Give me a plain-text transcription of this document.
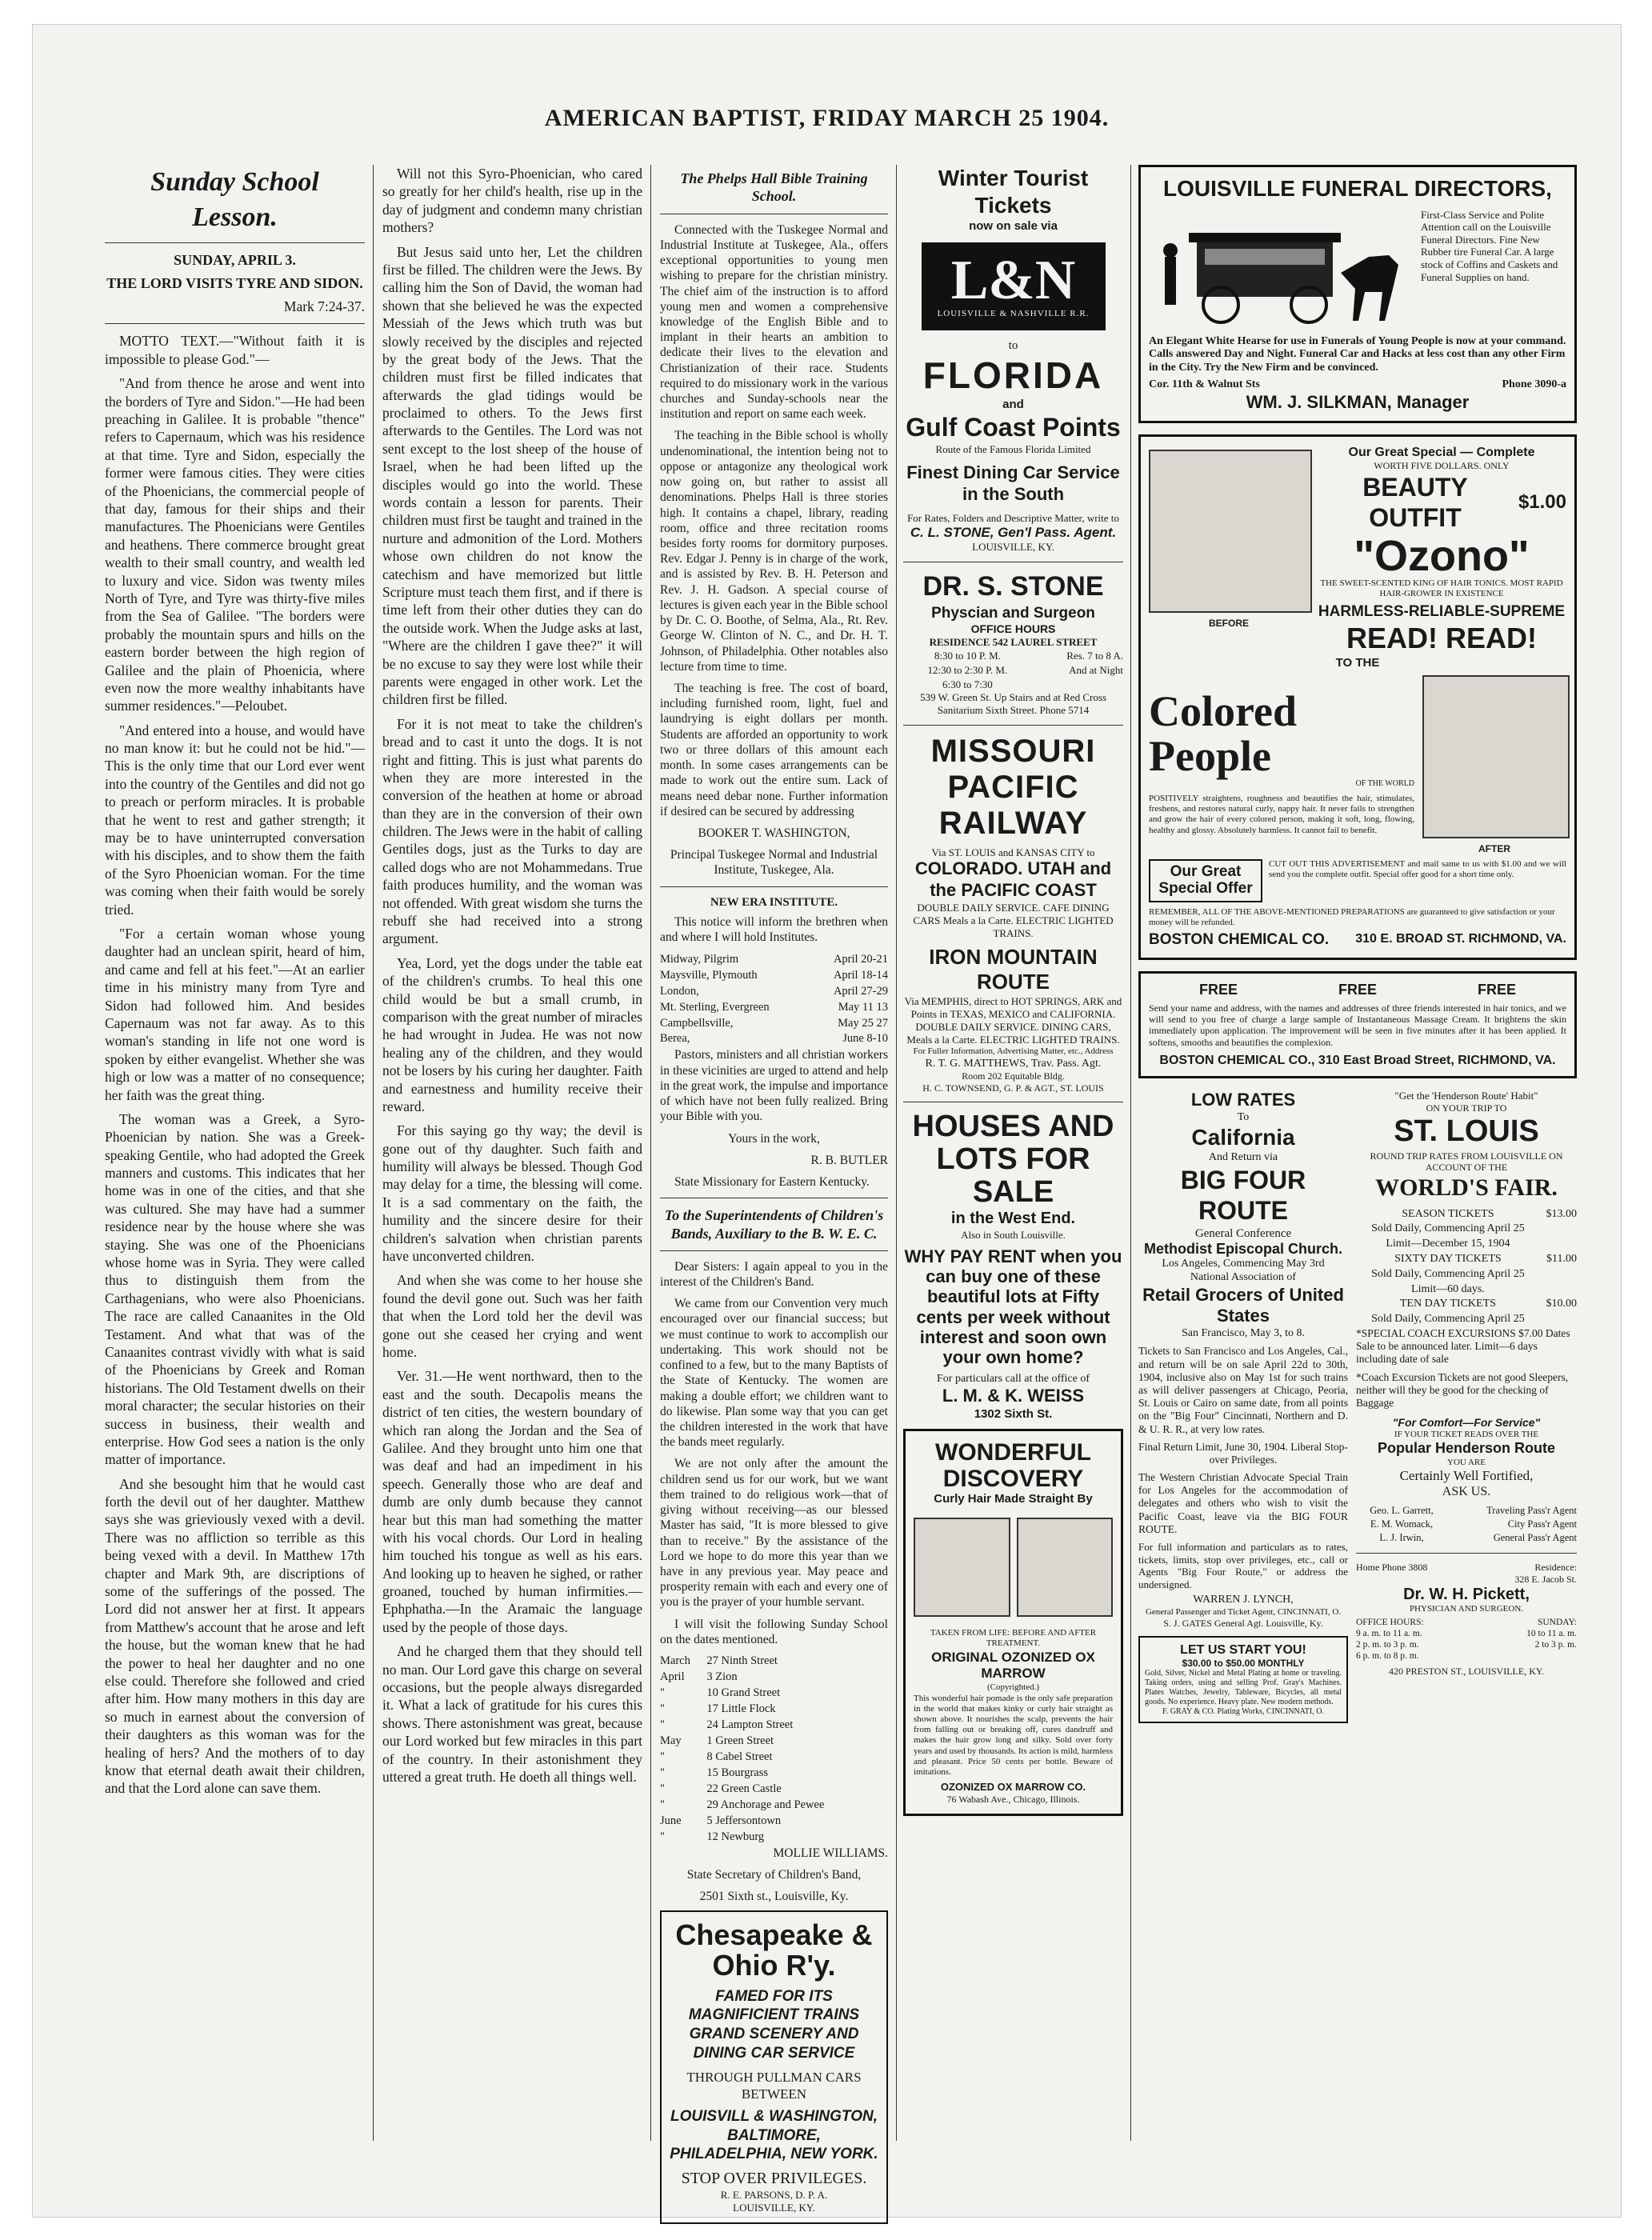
AMERICAN BAPTIST, FRIDAY MARCH 25 1904.
Sunday School Lesson.
SUNDAY, APRIL 3.
THE LORD VISITS TYRE AND SIDON.

Mark 7:24-37.

MOTTO TEXT.—"Without faith it is impossible to please God."—

"And from thence he arose and went into the borders of Tyre and Sidon."—He had been preaching in Galilee. It is probable "thence" refers to Capernaum, which was his residence at that time. Tyre and Sidon, especially the former were famous cities. They were cities of the Phoenicians, the commercial people of that day, famous for their ships and their manufactures. The Phoenicians were Gentiles and heathens. There commerce brought great wealth to their small country, and wealth led to luxury and vice. Sidon was twenty miles North of Tyre, and Tyre was thirty-five miles from the Sea of Galilee. "The borders were probably the mountain spurs and hills on the eastern border between the high region of Galilee and the plain of Phoenicia, where even now the more wealthy inhabitants have summer residences."—Peloubet.

"And entered into a house, and would have no man know it: but he could not be hid."—This is the only time that our Lord ever went into the country of the Gentiles and did not go to preach or perform miracles. It is probable that he went to rest and gather strength; it may be to have uninterrupted conversation with his disciples, and to show them the faith of the Syro Phoenician woman. For the time was coming when their faith would be sorely tried.

"For a certain woman whose young daughter had an unclean spirit, heard of him, and came and fell at his feet."—At an earlier time in his ministry many from Tyre and Sidon had followed him. And besides Capernaum was not far away. As to this woman's standing in life not one word is spoken by either evangelist. Whether she was high or low was a matter of no consequence; her faith was the great thing.

The woman was a Greek, a Syro-Phoenician by nation. She was a Greek-speaking Gentile, who had adopted the Greek manners and customs. This indicates that her home was in one of the cities, and that she was cultured. She may have had a summer residence near by the house where she was staying. She was one of the Phoenicians whose home was in Syria. They were called thus to distinguish them from the Carthagenians, who were also Phoenicians. The race are called Canaanites in the Old Testament. And what that was of the Canaanites contrast vividly with what is said of the Phoenicians by Greek and Roman historians. The Old Testament dwells on their moral character; the secular histories on their success in business, their wealth and enterprise. How God sees a nation is the only matter of importance.

And she besought him that he would cast forth the devil out of her daughter. Matthew says she was grieviously vexed with a devil. There was no affliction so terrible as this being vexed with a devil. In Matthew 17th chapter and Mark 9th, are discriptions of some of the sufferings of the possed. The Lord did not answer her at first. It appears from Matthew's account that he arose and left the house, but the woman knew that he had the power to heal her daughter and no one else could. Therefore she followed and cried after him. How many mothers in this day are so much in earnest about the conversion of their daughters as this woman was for the healing of hers? And the mothers of to day know that eternal death await their children, and that the Lord alone can save them.

Will not this Syro-Phoenician, who cared so greatly for her child's health, rise up in the day of judgment and condemn many christian mothers?

But Jesus said unto her, Let the children first be filled. The children were the Jews. By calling him the Son of David, the woman had shown that she believed he was the expected Messiah of the Jews which truth was but slowly received by the disciples and rejected by the great body of the Jews. That the children must first be filled indicates that afterwards the glad tidings would be proclaimed to others. To the Jews first afterwards to the Gentiles. The Lord was not sent except to the lost sheep of the house of Israel, when he had been lifted up the disciples would go into the world. These words contain a lesson for parents. Their children must first be taught and trained in the nurture and admonition of the Lord. Mothers whose own children do not know the catechism and have memorized but little Scripture must teach them first, and if there is time left from their other duties they can do the outside work. When the Judge asks at last, "Where are the children I gave thee?" it will be no excuse to say they were lost while their parents were engaged in other work. Let the children first be filled.

For it is not meat to take the children's bread and to cast it unto the dogs. It is not right and fitting. This is just what parents do when they are more interested in the conversion of the heathen at home or abroad than they are in the conversion of their own children. The Jews were in the habit of calling Gentiles dogs, just as the Turks to day are called dogs who are not Mohammedans. True faith produces humility, and the woman was not offended. With great wisdom she turns the rebuff she had received into a strong argument.

Yea, Lord, yet the dogs under the table eat of the children's crumbs. To heal this one child would be but a small crumb, in comparison with the great number of miracles he had wrought in Judea. He was not now healing any of the children, and they would not be losers by his curing her daughter. Faith and earnestness and humility receive their reward.

For this saying go thy way; the devil is gone out of thy daughter. Such faith and humility will always be blessed. Though God may delay for a time, the blessing will come. It is a sad commentary on the faith, the humility and the sincere desire for their children's salvation when christian parents have unconverted children.

And when she was come to her house she found the devil gone out. Such was her faith that when the Lord told her the devil was gone out she ceased her crying and went home.

Ver. 31.—He went northward, then to the east and the south. Decapolis means the district of ten cities, the western boundary of which ran along the Jordan and the Sea of Galilee. And they brought unto him one that was deaf and had an impediment in his speech. Generally those who are deaf and dumb are only dumb because they cannot hear but this man had something the matter with his vocal chords. Our Lord in healing him touched his tongue as well as his ears. And looking up to heaven he sighed, or rather groaned, touched by human infirmities.—Ephphatha.—In the Aramaic the language used by the people of those days.

And he charged them that they should tell no man. Our Lord gave this charge on several occasions, but the people always disregarded it. What a lack of gratitude for his cures this shows. There astonishment was great, because our Lord worked but few miracles in this part of the country. In their astonishment they uttered a great truth. He doeth all things well.

The Phelps Hall Bible Training School.

Connected with the Tuskegee Normal and Industrial Institute at Tuskegee, Ala., offers exceptional opportunities to young men wishing to prepare for the christian ministry. The chief aim of the instruction is to afford young men and women a comprehensive knowledge of the English Bible and to implant in their hearts an ambition to dedicate their lives to the elevation and Christianization of their race. Students required to do missionary work in the various churches and Sunday-schools near the institution and report on same each week.

The teaching in the Bible school is wholly undenominational, the intention being not to oppose or antagonize any theological work now going on, but rather to assist all denominations. Phelps Hall is three stories high. It contains a chapel, library, reading room, office and three recitation rooms besides forty rooms for dormitory purposes. Rev. Edgar J. Penny is in charge of the work, and is assisted by Rev. B. H. Peterson and Rev. J. H. Gadson. A special course of lectures is given each year in the Bible school by Dr. C. O. Boothe, of Selma, Ala., Rt. Rev. George W. Clinton of N. C., and Dr. H. T. Johnson, of Philadelphia. Other notables also lecture from time to time.

The teaching is free. The cost of board, including furnished room, light, fuel and laundrying is eight dollars per month. Students are afforded an opportunity to work two or three dollars of this amount each month. In some cases arrangements can be made to work out the entire sum. Lack of means need debar none. Further information if desired can be secured by addressing

BOOKER T. WASHINGTON,

Principal Tuskegee Normal and Industrial Institute, Tuskegee, Ala.

NEW ERA INSTITUTE.

This notice will inform the brethren when and where I will hold Institutes.

Midway, Pilgrim	April 20-21
Maysville, Plymouth	April 18-14
London,	April 27-29
Mt. Sterling, Evergreen	May 11 13
Campbellsville,	May 25 27
Berea,	June 8-10

Pastors, ministers and all christian workers in these vicinities are urged to attend and help in the great work, the impulse and importance of which have not been fully realized. Bring your Bible with you.

Yours in the work,

R. B. BUTLER

State Missionary for Eastern Kentucky.

To the Superintendents of Children's Bands, Auxiliary to the B. W. E. C.

Dear Sisters: I again appeal to you in the interest of the Children's Band.

We came from our Convention very much encouraged over our financial success; but we must continue to work to accomplish our undertaking. This work should not be confined to a few, but to the many Baptists of the State of Kentucky. The women are making a double effort; we children want to do likewise. Plan some way that you can get the children interested in the work that have the bands meet regularly.

We are not only after the amount the children send us for our work, but we want them trained to do religious work—that of giving without receiving—as our blessed Master has said, "It is more blessed to give than to receive." By the assistance of the Lord we hope to do more this year than we have in any previous year. May peace and prosperity remain with each and every one of you is the prayer of your humble servant.

I will visit the following Sunday School on the dates mentioned.

March	27 Ninth Street
April	3 Zion
"	10 Grand Street
"	17 Little Flock
"	24 Lampton Street
May	1 Green Street
"	8 Cabel Street
"	15 Bourgrass
"	22 Green Castle
"	29 Anchorage and Pewee
June	5 Jeffersontown
"	12 Newburg

MOLLIE WILLIAMS.

State Secretary of Children's Band,

2501 Sixth st., Louisville, Ky.

Chesapeake & Ohio R'y.
FAMED FOR ITS MAGNIFICIENT TRAINS GRAND SCENERY AND DINING CAR SERVICE
THROUGH PULLMAN CARS BETWEEN
LOUISVILL & WASHINGTON, BALTIMORE, PHILADELPHIA, NEW YORK.
STOP OVER PRIVILEGES.
R. E. PARSONS, D. P. A.
LOUISVILLE, KY.
Winter Tourist Tickets
now on sale via
L&N
LOUISVILLE & NASHVILLE R.R.
to
FLORIDA
and
Gulf Coast Points
Route of the Famous Florida Limited
Finest Dining Car Service in the South
For Rates, Folders and Descriptive Matter, write to
C. L. STONE, Gen'l Pass. Agent.
LOUISVILLE, KY.
DR. S. STONE
Physcian and Surgeon
OFFICE HOURS
RESIDENCE 542 LAUREL STREET
8:30 to 10 P. M.	Res. 7 to 8 A.
12:30 to 2:30 P. M.	And at Night
6:30 to 7:30	
539 W. Green St. Up Stairs and at Red Cross Sanitarium Sixth Street. Phone 5714
MISSOURI PACIFIC RAILWAY
Via ST. LOUIS and KANSAS CITY to
COLORADO. UTAH and the PACIFIC COAST
DOUBLE DAILY SERVICE. CAFE DINING CARS Meals a la Carte. ELECTRIC LIGHTED TRAINS.
IRON MOUNTAIN ROUTE
Via MEMPHIS, direct to HOT SPRINGS, ARK and Points in TEXAS, MEXICO and CALIFORNIA.
DOUBLE DAILY SERVICE. DINING CARS, Meals a la Carte. ELECTRIC LIGHTED TRAINS.
For Fuller Information, Advertising Matter, etc., Address
R. T. G. MATTHEWS, Trav. Pass. Agt.
Room 202 Equitable Bldg.
H. C. TOWNSEND, G. P. & AGT., ST. LOUIS
HOUSES AND LOTS FOR SALE
in the West End.
Also in South Louisville.
WHY PAY RENT when you can buy one of these beautiful lots at Fifty cents per week without interest and soon own your own home?
For particulars call at the office of
L. M. & K. WEISS
1302 Sixth St.
WONDERFUL DISCOVERY
Curly Hair Made Straight By
TAKEN FROM LIFE: BEFORE AND AFTER TREATMENT.
ORIGINAL OZONIZED OX MARROW
(Copyrighted.)
This wonderful hair pomade is the only safe preparation in the world that makes kinky or curly hair straight as shown above. It nourishes the scalp, prevents the hair from falling out or breaking off, cures dandruff and makes the hair grow long and silky. Sold over forty years and used by thousands. Its action is mild, harmless and pleasant. Price 50 cents per bottle. Beware of imitations.
OZONIZED OX MARROW CO.
76 Wabash Ave., Chicago, Illinois.
LOUISVILLE FUNERAL DIRECTORS,
First-Class Service and Polite Attention call on the Louisville Funeral Directors. Fine New Rubber tire Funeral Car. A large stock of Coffins and Caskets and Funeral Supplies on hand.
An Elegant White Hearse for use in Funerals of Young People is now at your command.
Calls answered Day and Night. Funeral Car and Hacks at less cost than any other Firm in the City. Try the New Firm and be convinced.
Cor. 11th & Walnut Sts	Phone 3090-a
WM. J. SILKMAN, Manager
BEFORE
Our Great Special — Complete
WORTH FIVE DOLLARS. ONLY
BEAUTY OUTFIT
$1.00
"Ozono"
THE SWEET-SCENTED KING OF HAIR TONICS. MOST RAPID HAIR-GROWER IN EXISTENCE
HARMLESS-RELIABLE-SUPREME
READ! READ!
TO THE
Colored People
OF THE WORLD
POSITIVELY straightens, roughness and beautifies the hair, stimulates, freshens, and restores natural curly, nappy hair. It never fails to strengthen and grow the hair of every colored person, making it soft, long, flowing, healthy and glossy. Absolutely harmless. It cannot fail to benefit.
AFTER
Our Great Special Offer
CUT OUT THIS ADVERTISEMENT and mail same to us with $1.00 and we will send you the complete outfit. Special offer good for a short time only.
REMEMBER, ALL OF THE ABOVE-MENTIONED PREPARATIONS are guaranteed to give satisfaction or your money will be refunded.
BOSTON CHEMICAL CO. 310 E. BROAD ST. RICHMOND, VA.
FREE	FREE	FREE
Send your name and address, with the names and addresses of three friends interested in hair tonics, and we will send to you free of charge a large sample of Instantaneous Massage Cream. It brightens the skin immediately upon application. The improvement will be seen in five minutes after it has been applied. It softens, smooths and beautifies the complexion.
BOSTON CHEMICAL CO., 310 East Broad Street, RICHMOND, VA.
LOW RATES
To
California
And Return via
BIG FOUR ROUTE
General Conference
Methodist Episcopal Church.
Los Angeles, Commencing May 3rd
National Association of
Retail Grocers of United States
San Francisco, May 3, to 8.
Tickets to San Francisco and Los Angeles, Cal., and return will be on sale April 22d to 30th, 1904, inclusive also on May 1st for such trains as will deliver passengers at Chicago, Peoria, St. Louis or Cairo on same date, from all points on the "Big Four" Cincinnati, Northern and D. & U. R. R., at very low rates.
Final Return Limit, June 30, 1904. Liberal Stop-over Privileges.
The Western Christian Advocate Special Train for Los Angeles for the accommodation of delegates and others who wish to visit the Pacific Coast, leave via the BIG FOUR ROUTE.
For full information and particulars as to rates, tickets, limits, stop over privileges, etc., call or Agents "Big Four Route," or address the undersigned.
WARREN J. LYNCH,
General Passenger and Ticket Agent, CINCINNATI, O.
S. J. GATES General Agt. Louisville, Ky.
LET US START YOU!
$30.00 to $50.00 MONTHLY
Gold, Silver, Nickel and Metal Plating at home or traveling. Taking orders, using and selling Prof. Gray's Machines. Plates Watches, Jewelry, Tableware, Bicycles, all metal goods. No experience. Heavy plate. New modern methods.
F. GRAY & CO. Plating Works, CINCINNATI, O.
"Get the 'Henderson Route' Habit"
ON YOUR TRIP TO
ST. LOUIS
ROUND TRIP RATES FROM LOUISVILLE ON ACCOUNT OF THE
WORLD'S FAIR.
SEASON TICKETS	$13.00
Sold Daily, Commencing April 25	
Limit—December 15, 1904	
SIXTY DAY TICKETS	$11.00
Sold Daily, Commencing April 25	
Limit—60 days.	
TEN DAY TICKETS	$10.00
Sold Daily, Commencing April 25	
*SPECIAL COACH EXCURSIONS $7.00 Dates Sale to be announced later. Limit—6 days including date of sale
*Coach Excursion Tickets are not good Sleepers, neither will they be good for the checking of Baggage
"For Comfort—For Service"
IF YOUR TICKET READS OVER THE
Popular Henderson Route
YOU ARE
Certainly Well Fortified,
ASK US.
Geo. L. Garrett,	Traveling Pass'r Agent
E. M. Womack,	City Pass'r Agent
L. J. Irwin,	General Pass'r Agent
Home Phone 3808	Residence:
328 E. Jacob St.
Dr. W. H. Pickett,
PHYSICIAN AND SURGEON.
OFFICE HOURS:
9 a. m. to 11 a. m.
2 p. m. to 3 p. m.
6 p. m. to 8 p. m.
SUNDAY:
10 to 11 a. m.
2 to 3 p. m.
420 PRESTON ST., LOUISVILLE, KY.
